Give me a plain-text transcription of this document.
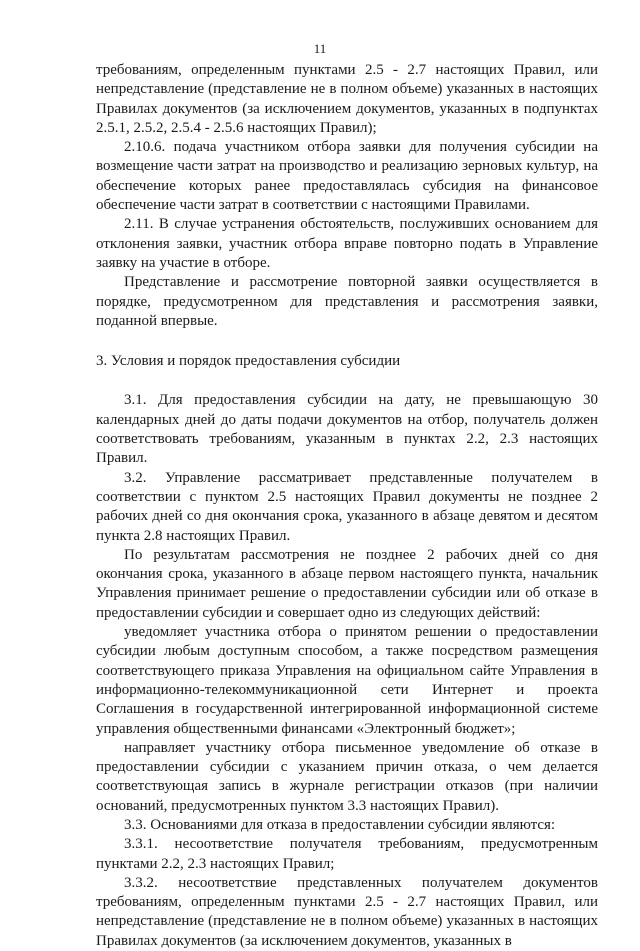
11

требованиям, определенным пунктами 2.5 - 2.7 настоящих Правил, или непредставление (представление не в полном объеме) указанных в настоящих Правилах документов (за исключением документов, указанных в подпунктах 2.5.1, 2.5.2, 2.5.4 - 2.5.6 настоящих Правил);

2.10.6. подача участником отбора заявки для получения субсидии на возмещение части затрат на производство и реализацию зерновых культур, на обеспечение которых ранее предоставлялась субсидия на финансовое обеспечение части затрат в соответствии с настоящими Правилами.

2.11. В случае устранения обстоятельств, послуживших основанием для отклонения заявки, участник отбора вправе повторно подать в Управление заявку на участие в отборе.

Представление и рассмотрение повторной заявки осуществляется в порядке, предусмотренном для представления и рассмотрения заявки, поданной впервые.

3. Условия и порядок предоставления субсидии

3.1. Для предоставления субсидии на дату, не превышающую 30 календарных дней до даты подачи документов на отбор, получатель должен соответствовать требованиям, указанным в пунктах 2.2, 2.3 настоящих Правил.

3.2. Управление рассматривает представленные получателем в соответствии с пунктом 2.5 настоящих Правил документы не позднее 2 рабочих дней со дня окончания срока, указанного в абзаце девятом и десятом пункта 2.8 настоящих Правил.

По результатам рассмотрения не позднее 2 рабочих дней со дня окончания срока, указанного в абзаце первом настоящего пункта, начальник Управления принимает решение о предоставлении субсидии или об отказе в предоставлении субсидии и совершает одно из следующих действий:

уведомляет участника отбора о принятом решении о предоставлении субсидии любым доступным способом, а также посредством размещения соответствующего приказа Управления на официальном сайте Управления в информационно-телекоммуникационной сети Интернет и проекта Соглашения в государственной интегрированной информационной системе управления общественными финансами «Электронный бюджет»;

направляет участнику отбора письменное уведомление об отказе в предоставлении субсидии с указанием причин отказа, о чем делается соответствующая запись в журнале регистрации отказов (при наличии оснований, предусмотренных пунктом 3.3 настоящих Правил).

3.3. Основаниями для отказа в предоставлении субсидии являются:

3.3.1. несоответствие получателя требованиям, предусмотренным пунктами 2.2, 2.3 настоящих Правил;

3.3.2. несоответствие представленных получателем документов требованиям, определенным пунктами 2.5 - 2.7 настоящих Правил, или непредставление (представление не в полном объеме) указанных в настоящих Правилах документов (за исключением документов, указанных в
